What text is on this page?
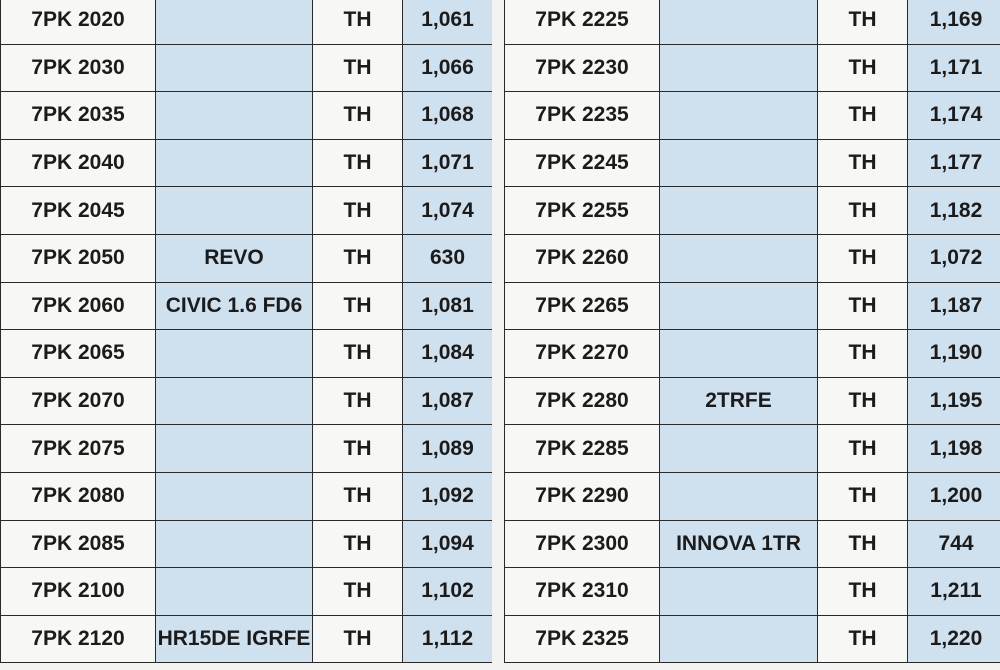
7PK 2020		TH	1,061
7PK 2030		TH	1,066
7PK 2035		TH	1,068
7PK 2040		TH	1,071
7PK 2045		TH	1,074
7PK 2050	REVO	TH	630
7PK 2060	CIVIC 1.6 FD6	TH	1,081
7PK 2065		TH	1,084
7PK 2070		TH	1,087
7PK 2075		TH	1,089
7PK 2080		TH	1,092
7PK 2085		TH	1,094
7PK 2100		TH	1,102
7PK 2120	HR15DE IGRFE	TH	1,112
7PK 2225		TH	1,169
7PK 2230		TH	1,171
7PK 2235		TH	1,174
7PK 2245		TH	1,177
7PK 2255		TH	1,182
7PK 2260		TH	1,072
7PK 2265		TH	1,187
7PK 2270		TH	1,190
7PK 2280	2TRFE	TH	1,195
7PK 2285		TH	1,198
7PK 2290		TH	1,200
7PK 2300	INNOVA 1TR	TH	744
7PK 2310		TH	1,211
7PK 2325		TH	1,220
